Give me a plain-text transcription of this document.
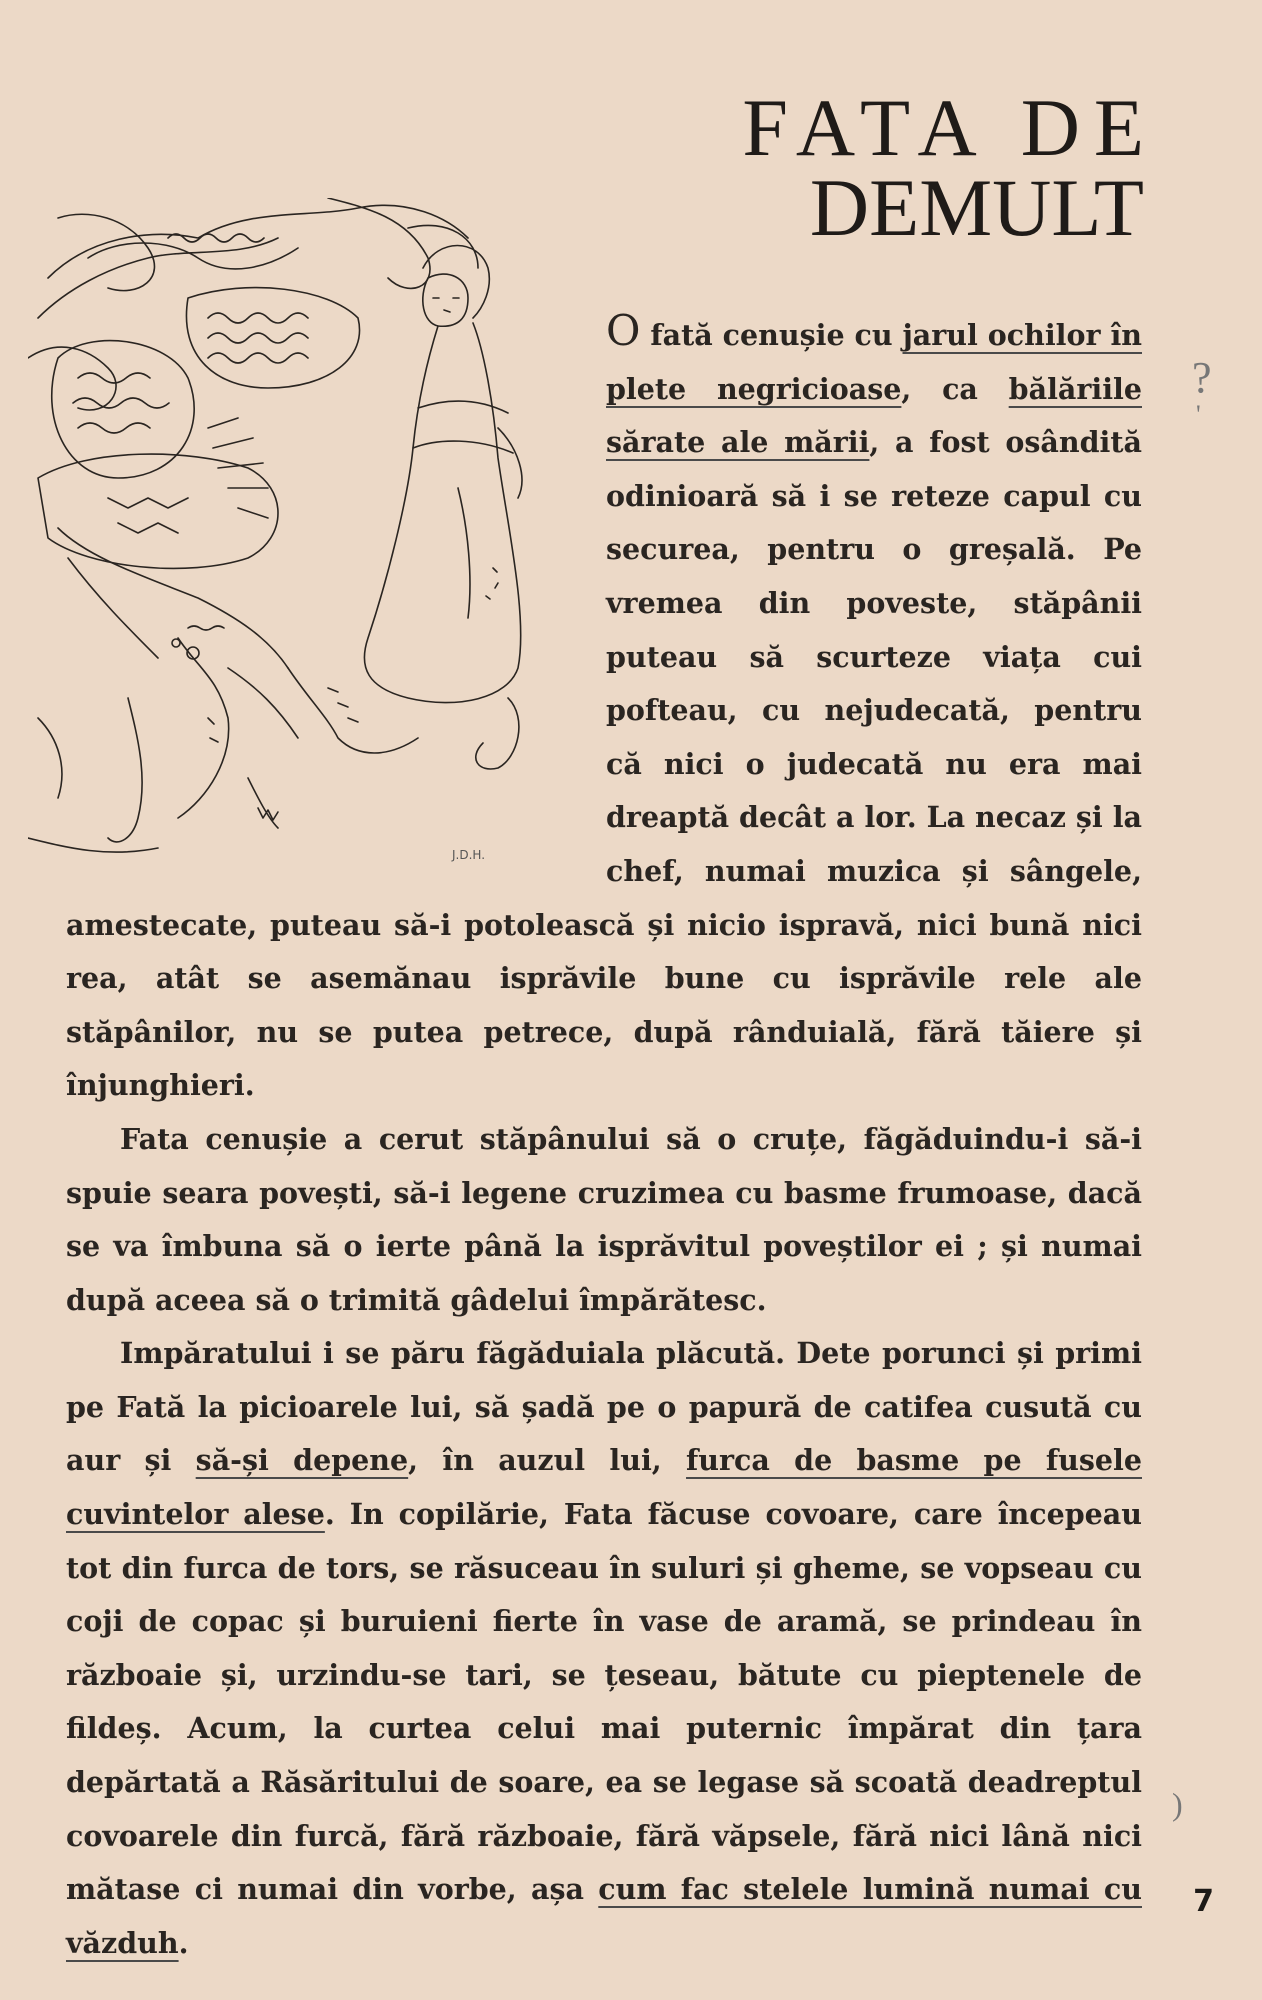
FATA DE
DEMULT
J.D.H.

O fată cenușie cu jarul ochilor în plete negricioase, ca bălăriile sărate ale mării, a fost osândită odinioară să i se reteze capul cu securea, pentru o greșală. Pe vremea din poveste, stăpânii puteau să scurteze viața cui pofteau, cu nejudecată, pentru că nici o judecată nu era mai dreaptă decât a lor. La necaz și la chef, numai muzica și sângele, amestecate, puteau să-i potolească și nicio ispravă, nici bună nici rea, atât se asemănau isprăvile bune cu isprăvile rele ale stăpânilor, nu se putea petrece, după rânduială, fără tăiere și înjunghieri.

Fata cenușie a cerut stăpânului să o cruțe, făgăduindu-i să-i spuie seara povești, să-i legene cruzimea cu basme frumoase, dacă se va îmbuna să o ierte până la isprăvitul poveștilor ei ; și numai după aceea să o trimită gâdelui împărătesc.

Impăratului i se păru făgăduiala plăcută. Dete porunci și primi pe Fată la picioarele lui, să șadă pe o papură de catifea cusută cu aur și să-și depene, în auzul lui, furca de basme pe fusele cuvintelor alese. In copilărie, Fata făcuse covoare, care începeau tot din furca de tors, se răsuceau în suluri și gheme, se vopseau cu coji de copac și buruieni fierte în vase de aramă, se prindeau în războaie și, urzindu-se tari, se țeseau, bătute cu pieptenele de fildeș. Acum, la curtea celui mai puternic împărat din țara depărtată a Răsăritului de soare, ea se legase să scoată deadreptul covoarele din furcă, fără războaie, fără văpsele, fără nici lână nici mătase ci numai din vorbe, așa cum fac stelele lumină numai cu văzduh.

?
'
)
7
